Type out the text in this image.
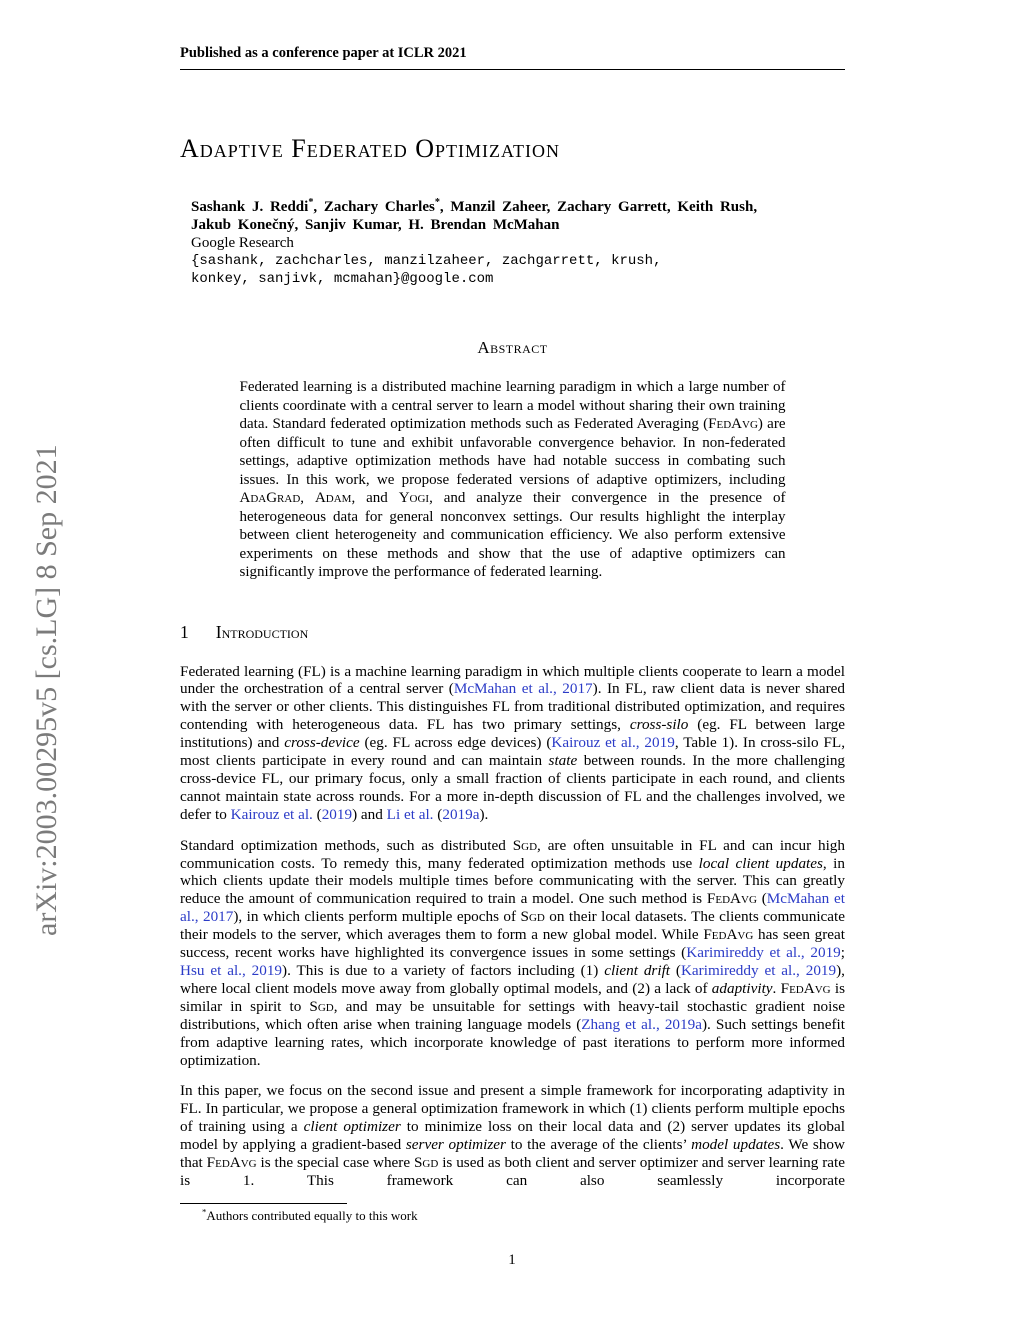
arXiv:2003.00295v5 [cs.LG] 8 Sep 2021
Published as a conference paper at ICLR 2021
Adaptive Federated Optimization

Sashank J. Reddi*, Zachary Charles*, Manzil Zaheer, Zachary Garrett, Keith Rush,

Jakub Konečný, Sanjiv Kumar, H. Brendan McMahan

Google Research

{sashank, zachcharles, manzilzaheer, zachgarrett, krush,

konkey, sanjivk, mcmahan}@google.com

Abstract

Federated learning is a distributed machine learning paradigm in which a large number of clients coordinate with a central server to learn a model without sharing their own training data. Standard federated optimization methods such as Federated Averaging (FedAvg) are often difficult to tune and exhibit unfavorable convergence behavior. In non-federated settings, adaptive optimization methods have had notable success in combating such issues. In this work, we propose federated versions of adaptive optimizers, including AdaGrad, Adam, and Yogi, and analyze their convergence in the presence of heterogeneous data for general nonconvex settings. Our results highlight the interplay between client heterogeneity and communication efficiency. We also perform extensive experiments on these methods and show that the use of adaptive optimizers can significantly improve the performance of federated learning.

1 Introduction

Federated learning (FL) is a machine learning paradigm in which multiple clients cooperate to learn a model under the orchestration of a central server (McMahan et al., 2017). In FL, raw client data is never shared with the server or other clients. This distinguishes FL from traditional distributed optimization, and requires contending with heterogeneous data. FL has two primary settings, cross-silo (eg. FL between large institutions) and cross-device (eg. FL across edge devices) (Kairouz et al., 2019, Table 1). In cross-silo FL, most clients participate in every round and can maintain state between rounds. In the more challenging cross-device FL, our primary focus, only a small fraction of clients participate in each round, and clients cannot maintain state across rounds. For a more in-depth discussion of FL and the challenges involved, we defer to Kairouz et al. (2019) and Li et al. (2019a).

Standard optimization methods, such as distributed Sgd, are often unsuitable in FL and can incur high communication costs. To remedy this, many federated optimization methods use local client updates, in which clients update their models multiple times before communicating with the server. This can greatly reduce the amount of communication required to train a model. One such method is FedAvg (McMahan et al., 2017), in which clients perform multiple epochs of Sgd on their local datasets. The clients communicate their models to the server, which averages them to form a new global model. While FedAvg has seen great success, recent works have highlighted its convergence issues in some settings (Karimireddy et al., 2019; Hsu et al., 2019). This is due to a variety of factors including (1) client drift (Karimireddy et al., 2019), where local client models move away from globally optimal models, and (2) a lack of adaptivity. FedAvg is similar in spirit to Sgd, and may be unsuitable for settings with heavy-tail stochastic gradient noise distributions, which often arise when training language models (Zhang et al., 2019a). Such settings benefit from adaptive learning rates, which incorporate knowledge of past iterations to perform more informed optimization.

In this paper, we focus on the second issue and present a simple framework for incorporating adaptivity in FL. In particular, we propose a general optimization framework in which (1) clients perform multiple epochs of training using a client optimizer to minimize loss on their local data and (2) server updates its global model by applying a gradient-based server optimizer to the average of the clients’ model updates. We show that FedAvg is the special case where Sgd is used as both client and server optimizer and server learning rate is 1. This framework can also seamlessly incorporate

*Authors contributed equally to this work

1
